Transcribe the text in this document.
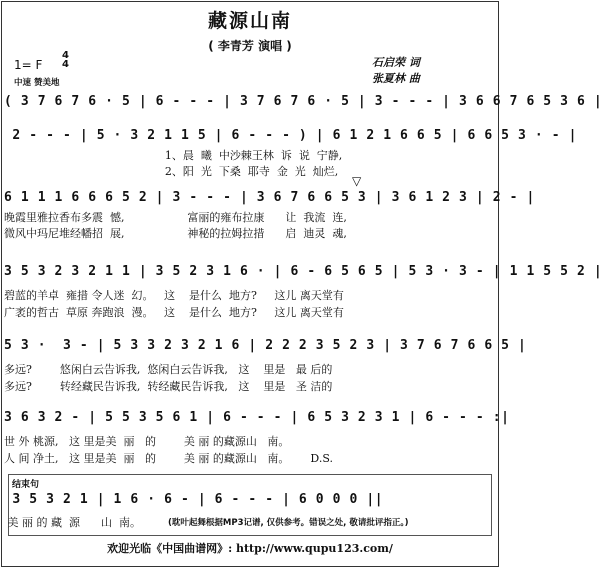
藏源山南
( 李青芳 演唱 )
石启荣 词
张夏林 曲
1= F
4
4
中速 赞美地
( 3 7 6 7 6 · 5 | 6 - - - | 3 7 6 7 6 · 5 | 3 - - - | 3 6 6 7 6 5 3 6 |
2 - - - | 5 · 3 2 1 1 5 | 6 - - - ) | 6 1 2 1 6 6 5 | 6 6 5 3 · - |
1、晨  曦  中沙棘王林  诉  说  宁静,
2、阳  光  下桑  耶寺  金  光  灿烂,
6 1 1 1 6 6 6 5 2 | 3 - - - | 3 6 7 6 6 5 3 | 3 6 1 2 3 | 2 - |
晚霞里雅拉香布多震  憾,                  富丽的雍布拉康      让  我流  连,
微风中玛尼堆经幡招  展,                  神秘的拉姆拉措      启  迪灵  魂,
▽
3 5 3 2 3 2 1 1 | 3 5 2 3 1 6 · | 6 - 6 5 6 5 | 5 3 · 3 - | 1 1 5 5 2 |
碧蓝的羊卓  雍措 令人迷  幻。   这    是什么  地方?     这儿 离天堂有
广袤的哲古  草原 奔跑浪  漫。   这    是什么  地方?     这儿 离天堂有
5 3 ·  3 - | 5 3 3 2 3 2 1 6 | 2 2 2 3 5 2 3 | 3 7 6 7 6 6 5 |
多远?        悠闲白云告诉我,  悠闲白云告诉我,   这    里是   最 后的
多远?        转经藏民告诉我,  转经藏民告诉我,   这    里是   圣 洁的
3 6 3 2 - | 5 5 3 5 6 1 | 6 - - - | 6 5 3 2 3 1 | 6 - - - :|
世 外 桃源,   这 里是美  丽   的        美 丽 的藏源山   南。
人 间 净土,   这 里是美  丽   的        美 丽 的藏源山   南。      D.S.
结束句
3 5 3 2 1 | 1 6 · 6 - | 6 - - - | 6 0 0 0 ||
美 丽 的 藏  源      山  南。	(耽叶起舞根据MP3记谱, 仅供参考。错误之处, 敬请批评指正。)
欢迎光临《中国曲谱网》: http://www.qupu123.com/
